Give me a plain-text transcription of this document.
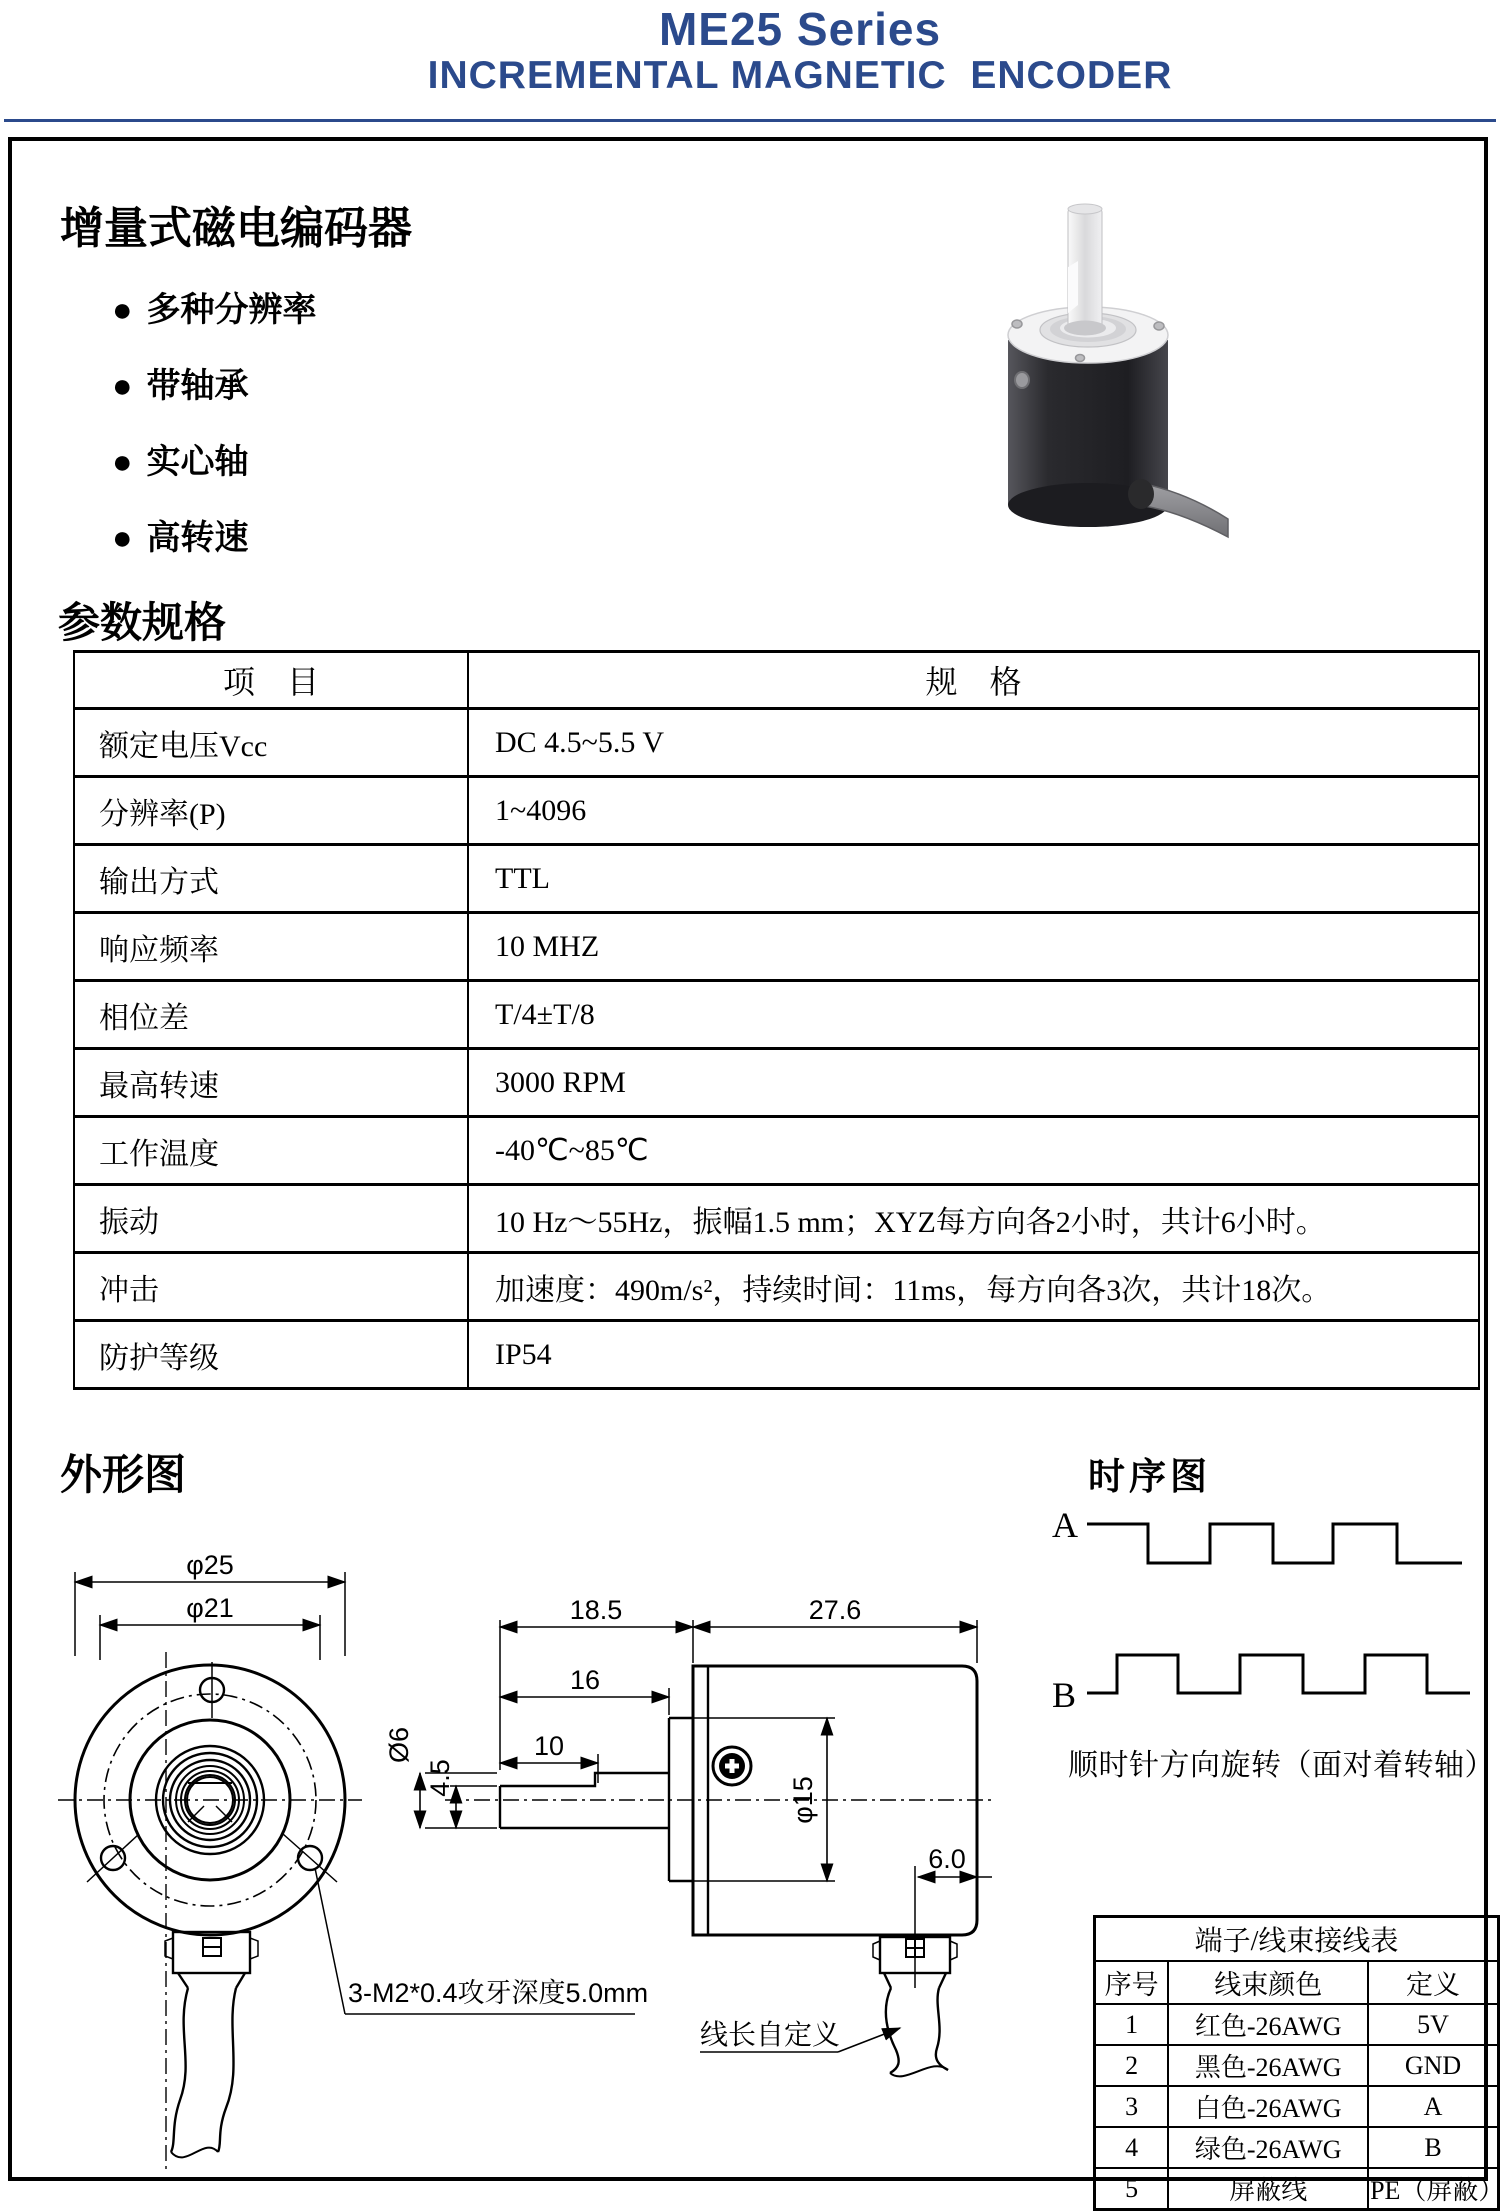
ME25 Series
INCREMENTAL MAGNETIC  ENCODER
增量式磁电编码器
● 多种分辨率
● 带轴承
● 实心轴
● 高转速
参数规格
项　目	规　格
额定电压Vcc	DC 4.5~5.5 V
分辨率(P)	1~4096
输出方式	TTL
响应频率	10 MHZ
相位差	T/4±T/8
最高转速	3000 RPM
工作温度	-40℃~85℃
振动	10 Hz～55Hz，振幅1.5 mm；XYZ每方向各2小时，共计6小时。
冲击	加速度：490m/s²，持续时间：11ms，每方向各3次，共计18次。
防护等级	IP54
外形图
φ25
φ21
3-M2*0.4攻牙深度5.0mm
18.5	27.6
16
10
Ø6
4.5	φ15
6.0
线长自定义
时序图
A
B
顺时针方向旋转（面对着转轴）
端子/线束接线表		
序号	线束颜色	定义
1	红色-26AWG	5V
2	黑色-26AWG	GND
3	白色-26AWG	A
4	绿色-26AWG	B
5	屏蔽线	PE（屏蔽）
